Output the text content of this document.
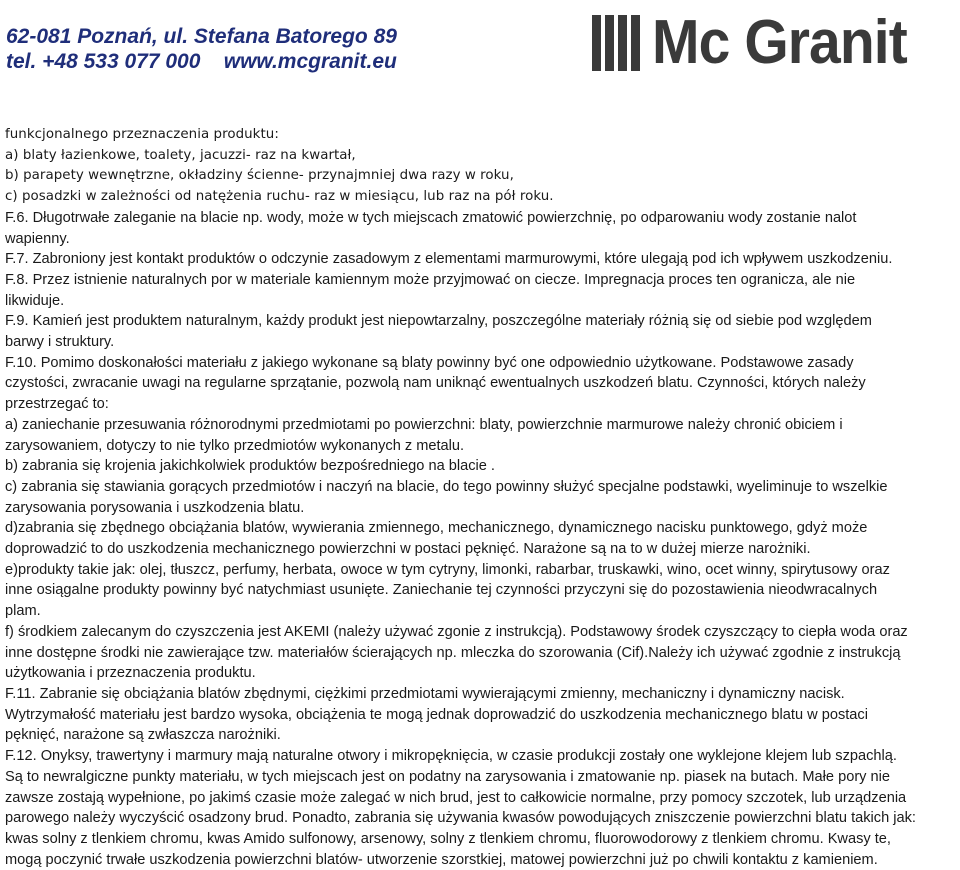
62-081 Poznań, ul. Stefana Batorego 89
tel. +48 533 077 000    www.mcgranit.eu	Mc Granit
funkcjonalnego przeznaczenia produktu:
a) blaty łazienkowe, toalety, jacuzzi- raz na kwartał,
b) parapety wewnętrzne, okładziny ścienne- przynajmniej dwa razy w roku,
c) posadzki w zależności od natężenia ruchu- raz w miesiącu, lub raz na pół roku.
F.6. Długotrwałe zaleganie na blacie np. wody, może w tych miejscach zmatowić powierzchnię, po odparowaniu wody zostanie nalot
wapienny.
F.7. Zabroniony jest kontakt produktów o odczynie zasadowym z elementami marmurowymi, które ulegają pod ich wpływem uszkodzeniu.
F.8. Przez istnienie naturalnych por w materiale kamiennym może przyjmować on ciecze. Impregnacja proces ten ogranicza, ale nie
likwiduje.
F.9. Kamień jest produktem naturalnym, każdy produkt jest niepowtarzalny, poszczególne materiały różnią się od siebie pod względem
barwy i struktury.
F.10. Pomimo doskonałości materiału z jakiego wykonane są blaty powinny być one odpowiednio użytkowane. Podstawowe zasady
czystości, zwracanie uwagi na regularne sprzątanie, pozwolą nam uniknąć ewentualnych uszkodzeń blatu. Czynności, których należy
przestrzegać to:
a) zaniechanie przesuwania różnorodnymi przedmiotami po powierzchni: blaty, powierzchnie marmurowe należy chronić obiciem i
zarysowaniem, dotyczy to nie tylko przedmiotów wykonanych z metalu.
b) zabrania się krojenia jakichkolwiek produktów bezpośredniego na blacie .
c) zabrania się stawiania gorących przedmiotów i naczyń na blacie, do tego powinny służyć specjalne podstawki, wyeliminuje to wszelkie
zarysowania porysowania i uszkodzenia blatu.
d)zabrania się zbędnego obciążania blatów, wywierania zmiennego, mechanicznego, dynamicznego nacisku punktowego, gdyż może
doprowadzić to do uszkodzenia mechanicznego powierzchni w postaci pęknięć. Narażone są na to w dużej mierze narożniki.
e)produkty takie jak: olej, tłuszcz, perfumy, herbata, owoce w tym cytryny, limonki, rabarbar, truskawki, wino, ocet winny, spirytusowy oraz
inne osiągalne produkty powinny być natychmiast usunięte. Zaniechanie tej czynności przyczyni się do pozostawienia nieodwracalnych
plam.
f) środkiem zalecanym do czyszczenia jest AKEMI (należy używać zgonie z instrukcją). Podstawowy środek czyszczący to ciepła woda oraz
inne dostępne środki nie zawierające tzw. materiałów ścierających np. mleczka do szorowania (Cif).Należy ich używać zgodnie z instrukcją
użytkowania i przeznaczenia produktu.
F.11. Zabranie się obciążania blatów zbędnymi, ciężkimi przedmiotami wywierającymi zmienny, mechaniczny i dynamiczny nacisk.
Wytrzymałość materiału jest bardzo wysoka, obciążenia te mogą jednak doprowadzić do uszkodzenia mechanicznego blatu w postaci
pęknięć, narażone są zwłaszcza narożniki.
F.12. Onyksy, trawertyny i marmury mają naturalne otwory i mikropęknięcia, w czasie produkcji zostały one wyklejone klejem lub szpachlą.
Są to newralgiczne punkty materiału, w tych miejscach jest on podatny na zarysowania i zmatowanie np. piasek na butach. Małe pory nie
zawsze zostają wypełnione, po jakimś czasie może zalegać w nich brud, jest to całkowicie normalne, przy pomocy szczotek, lub urządzenia
parowego należy wyczyścić osadzony brud. Ponadto, zabrania się używania kwasów powodujących zniszczenie powierzchni blatu takich jak:
kwas solny z tlenkiem chromu, kwas Amido sulfonowy, arsenowy, solny z tlenkiem chromu, fluorowodorowy z tlenkiem chromu. Kwasy te,
mogą poczynić trwałe uszkodzenia powierzchni blatów- utworzenie szorstkiej, matowej powierzchni już po chwili kontaktu z kamieniem.
